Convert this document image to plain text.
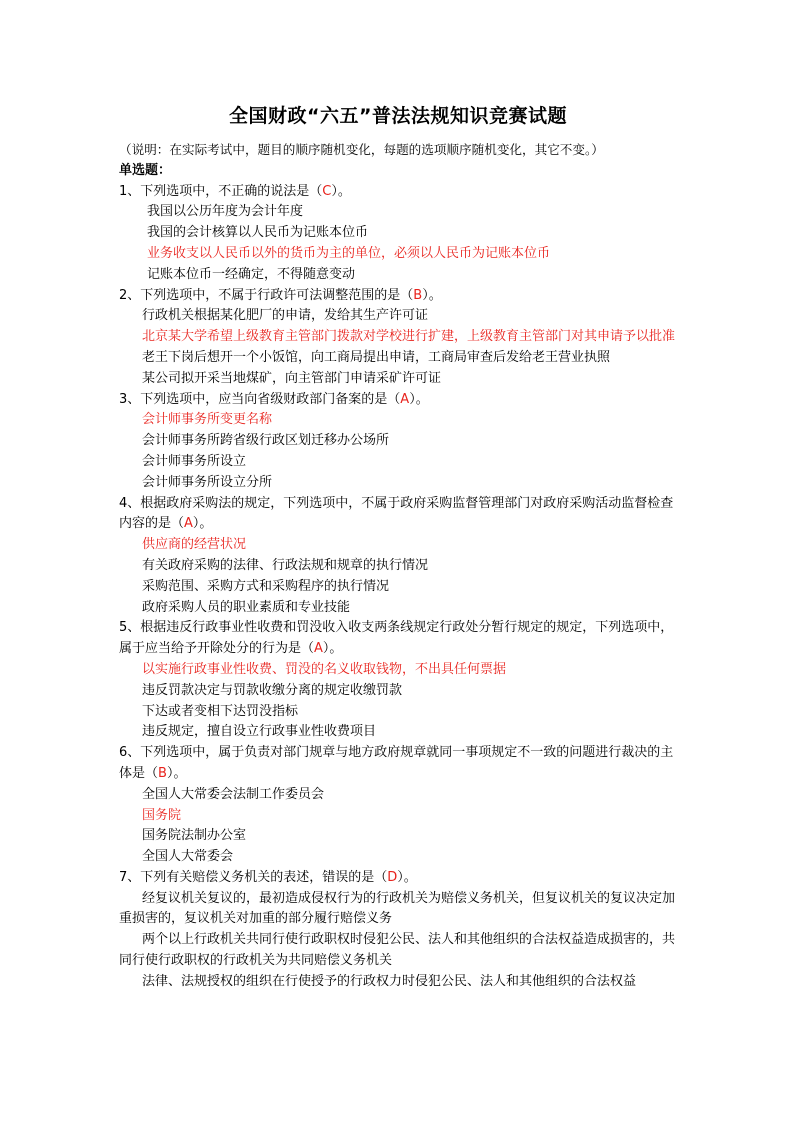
全国财政“六五”普法法规知识竞赛试题
（说明：在实际考试中，题目的顺序随机变化，每题的选项顺序随机变化，其它不变。）
单选题：
1、下列选项中，不正确的说法是（C）。
我国以公历年度为会计年度
我国的会计核算以人民币为记账本位币
业务收支以人民币以外的货币为主的单位，必须以人民币为记账本位币
记账本位币一经确定，不得随意变动
2、下列选项中，不属于行政许可法调整范围的是（B）。
行政机关根据某化肥厂的申请，发给其生产许可证
北京某大学希望上级教育主管部门拨款对学校进行扩建，上级教育主管部门对其申请予以批准
老王下岗后想开一个小饭馆，向工商局提出申请，工商局审查后发给老王营业执照
某公司拟开采当地煤矿，向主管部门申请采矿许可证
3、下列选项中，应当向省级财政部门备案的是（A）。
会计师事务所变更名称
会计师事务所跨省级行政区划迁移办公场所
会计师事务所设立
会计师事务所设立分所
4、根据政府采购法的规定，下列选项中，不属于政府采购监督管理部门对政府采购活动监督检查内容的是（A）。
供应商的经营状况
有关政府采购的法律、行政法规和规章的执行情况
采购范围、采购方式和采购程序的执行情况
政府采购人员的职业素质和专业技能
5、根据违反行政事业性收费和罚没收入收支两条线规定行政处分暂行规定的规定，下列选项中，属于应当给予开除处分的行为是（A）。
以实施行政事业性收费、罚没的名义收取钱物，不出具任何票据
违反罚款决定与罚款收缴分离的规定收缴罚款
下达或者变相下达罚没指标
违反规定，擅自设立行政事业性收费项目
6、下列选项中，属于负责对部门规章与地方政府规章就同一事项规定不一致的问题进行裁决的主体是（B）。
全国人大常委会法制工作委员会
国务院
国务院法制办公室
全国人大常委会
7、下列有关赔偿义务机关的表述，错误的是（D）。
经复议机关复议的，最初造成侵权行为的行政机关为赔偿义务机关，但复议机关的复议决定加重损害的，复议机关对加重的部分履行赔偿义务
两个以上行政机关共同行使行政职权时侵犯公民、法人和其他组织的合法权益造成损害的，共同行使行政职权的行政机关为共同赔偿义务机关
法律、法规授权的组织在行使授予的行政权力时侵犯公民、法人和其他组织的合法权益
